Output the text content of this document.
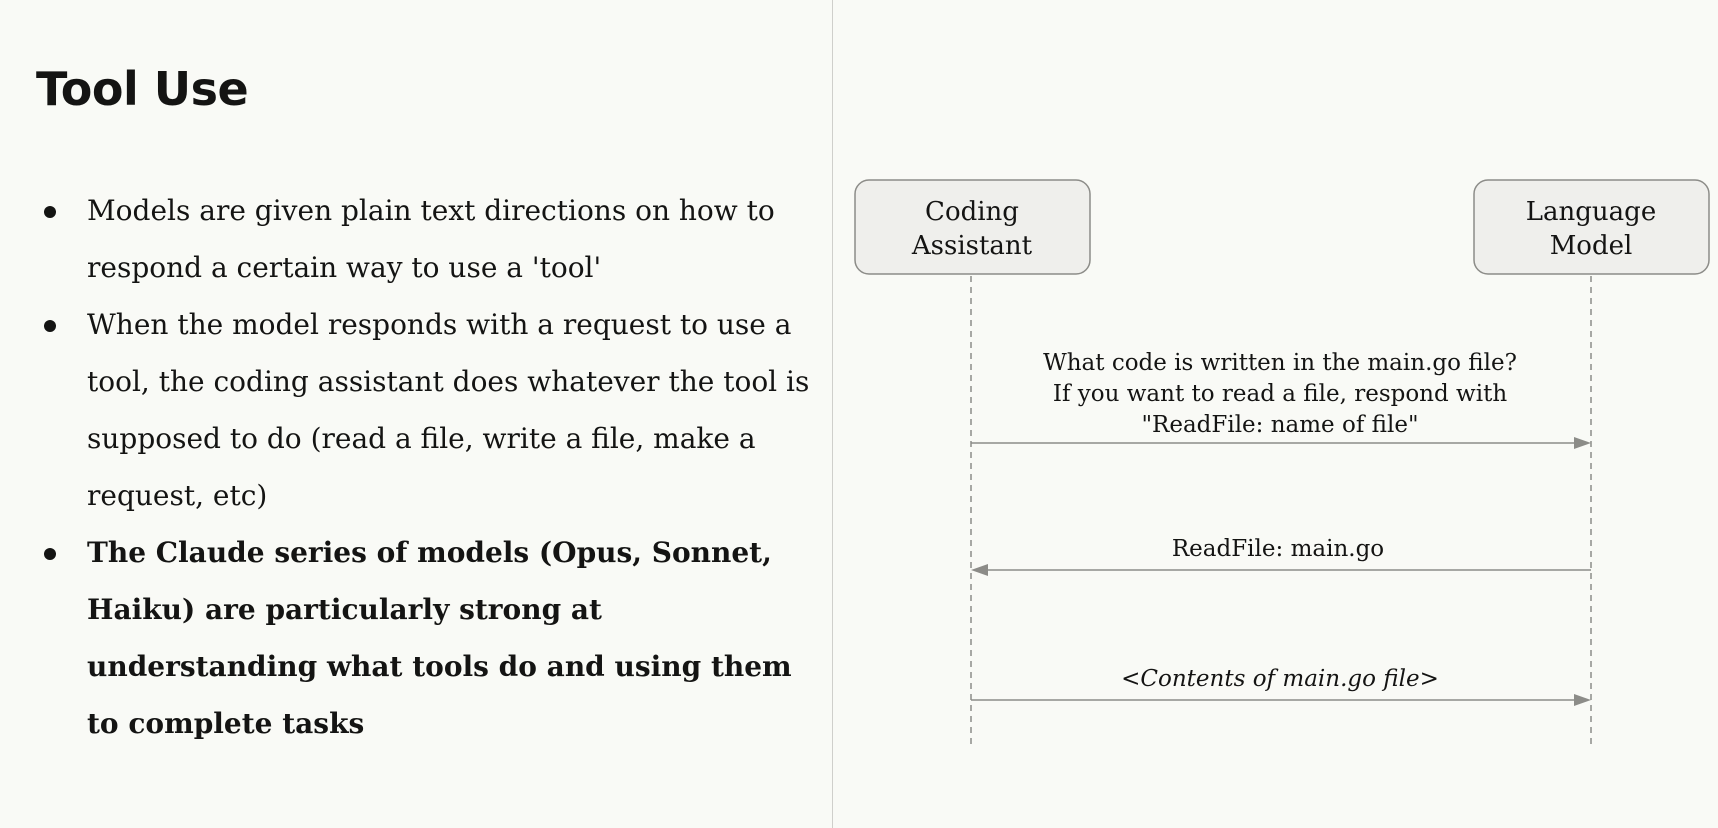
Tool Use
Models are given plain text directions on how to respond a certain way to use a 'tool'
When the model responds with a request to use a tool, the coding assistant does whatever the tool is supposed to do (read a file, write a file, make a request, etc)
The Claude series of models (Opus, Sonnet, Haiku) are particularly strong at understanding what tools do and using them to complete tasks
Coding
Assistant
Language
Model
What code is written in the main.go file?
If you want to read a file, respond with
"ReadFile: name of file"
ReadFile: main.go
<Contents of main.go file>
